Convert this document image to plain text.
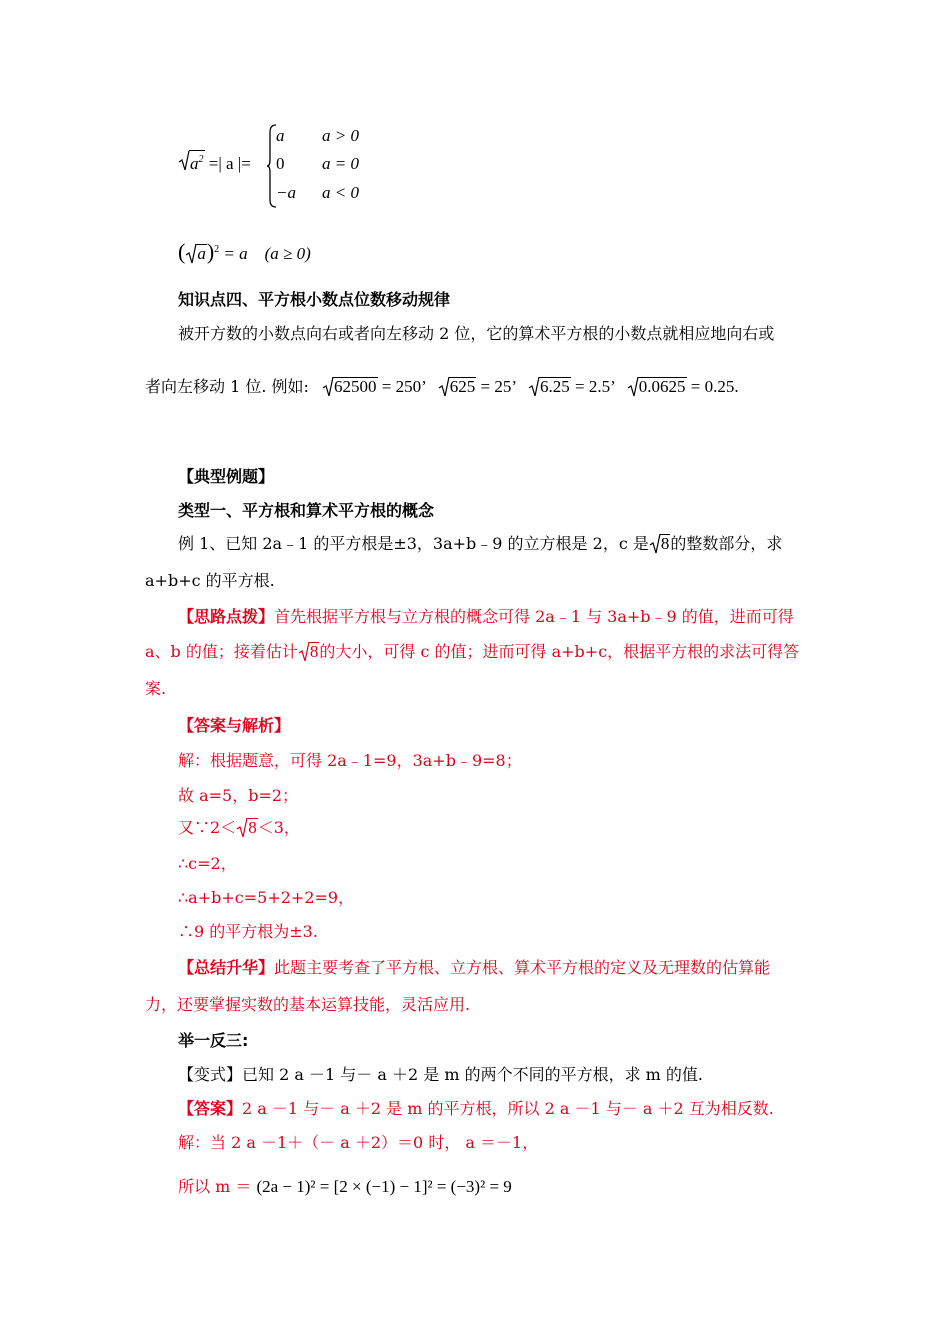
$a^2$ =| a |=
a a > 0
0 a = 0
−a a < 0
( a)$^2$ = a (a ≥ 0)
知识点四、平方根小数点位数移动规律
被开方数的小数点向右或者向左移动 2 位，它的算术平方根的小数点就相应地向右或
者向左移动 1 位. 例如: 62500 = 250’
625 = 25’
6.25 = 2.5’
0.0625 = 0.25.
【典型例题】
类型一、平方根和算术平方根的概念
例 1、已知 2a﹣1 的平方根是±3，3a+b﹣9 的立方根是 2，c 是 8的整数部分，求
a+b+c 的平方根.
【思路点拨】首先根据平方根与立方根的概念可得 2a﹣1 与 3a+b﹣9 的值，进而可得
a、b 的值；接着估计 8的大小，可得 c 的值；进而可得 a+b+c，根据平方根的求法可得答
案.
【答案与解析】
解：根据题意，可得 2a﹣1=9，3a+b﹣9=8；
故 a=5，b=2；
又∵2＜ 8＜3，
∴c=2，
∴a+b+c=5+2+2=9，
∴9 的平方根为±3.
【总结升华】此题主要考查了平方根、立方根、算术平方根的定义及无理数的估算能
力，还要掌握实数的基本运算技能，灵活应用.
举一反三:
【变式】已知 2 a －1 与－ a ＋2 是 m 的两个不同的平方根，求 m 的值.
【答案】2 a －1 与－ a ＋2 是 m 的平方根，所以 2 a －1 与－ a ＋2 互为相反数.
解：当 2 a －1＋（－ a ＋2）＝0 时， a ＝－1，
所以 m ＝ (2a − 1)² = [2 × (−1) − 1]² = (−3)² = 9
